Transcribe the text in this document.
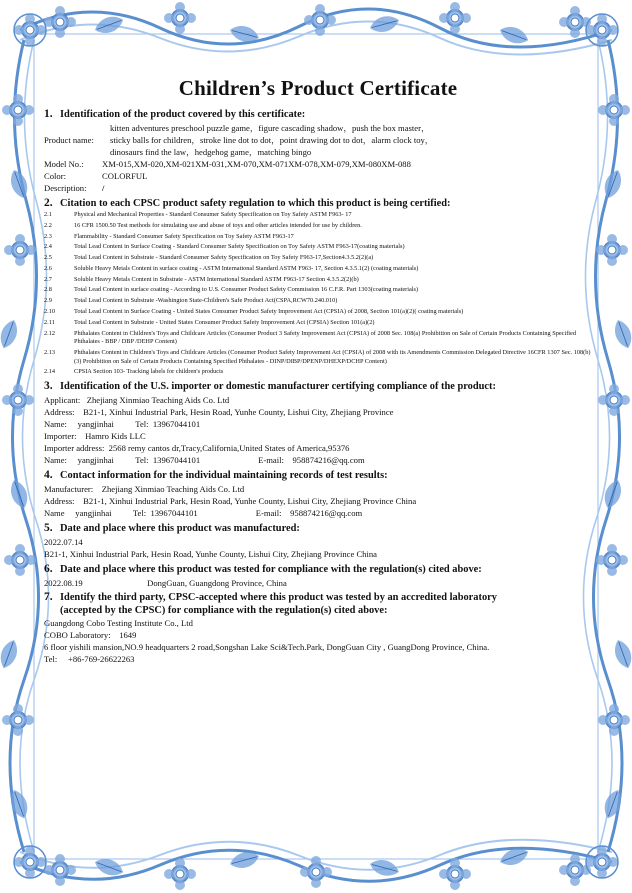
Children’s Product Certificate
1. Identification of the product covered by this certificate:
Product name:
kitten adventures preschool puzzle game，figure cascading shadow，push the box master，
sticky balls for children，stroke line dot to dot，point drawing dot to dot，alarm clock toy，
dinosaurs find the law，hedgehog game，matching bingo
Model No.:	XM-015,XM-020,XM-021XM-031,XM-070,XM-071XM-078,XM-079,XM-080XM-088
Color:	COLORFUL
Description:	/
2. Citation to each CPSC product safety regulation to which this product is being certified:
2.1	Physical and Mechanical Properties - Standard Consumer Safety Specification on Toy Safety ASTM F963- 17
2.2	16 CFR 1500.50 Test methods for simulating use and abuse of toys and other articles intended for use by children.
2.3	Flammability - Standard Consumer Safety Specification on Toy Safety ASTM F963-17
2.4	Total Lead Content in Surface Coating - Standard Consumer Safety Specification on Toy Safety ASTM F963-17(coating materials)
2.5	Total Lead Content in Substrate - Standard Consumer Safety Specification on Toy Safety F963-17,Section4.3.5.2(2)(a)
2.6	Soluble Heavy Metals Content in surface coating - ASTM International Standard ASTM F963- 17, Section 4.3.5.1(2) (coating materials)
2.7	Soluble Heavy Metals Content in Substrate - ASTM International Standard ASTM F963-17 Section 4.3.5.2(2)(b)
2.8	Total Lead Content in surface coating - According to U.S. Consumer Product Safety Commission 16 C.F.R. Part 1303(coating materials)
2.9	Total Lead Content in Substrate -Washington State-Children's Safe Product Act(CSPA,RCW70.240.010)
2.10	Total Lead Content in Surface Coating - United States Consumer Product Safety Improvement Act (CPSIA) of 2008, Section 101(a)(2)( coating materials)
2.11	Total Lead Content in Substrate - United States Consumer Product Safety Improvement Act (CPSIA) Section 101(a)(2)
2.12	Phthalates Content in Children's Toys and Childcare Articles (Consumer Product 3 Safety Improvement Act (CPSIA) of 2008 Sec. 108(a) Prohibition on Sale of Certain Products Containing Specified Phthalates - BBP / DBP /DEHP Content)
2.13	Phthalates Content in Children's Toys and Childcare Articles (Consumer Product Safety Improvement Act (CPSIA) of 2008 with its Amendments Commission Delegated Directive 16CFR 1307 Sec. 108(b)(3) Prohibition on Sale of Certain Products Containing Specified Phthalates - DINP/DIBP/DPENP/DHEXP/DCHP Content)
2.14	CPSIA Section 103- Tracking labels for children's products
3. Identification of the U.S. importer or domestic manufacturer certifying compliance of the product:
Applicant: Zhejiang Xinmiao Teaching Aids Co. Ltd
Address: B21-1, Xinhui Industrial Park, Hesin Road, Yunhe County, Lishui City, Zhejiang Province
Name: yangjinhai Tel: 13967044101
Importer: Hamro Kids LLC
Importer address: 2568 remy cantos dr,Tracy,California,United States of America,95376
Name: yangjinhai Tel: 13967044101	E-mail: 958874216@qq.com
4. Contact information for the individual maintaining records of test results:
Manufacturer: Zhejiang Xinmiao Teaching Aids Co. Ltd
Address: B21-1, Xinhui Industrial Park, Hesin Road, Yunhe County, Lishui City, Zhejiang Province China
Name yangjinhai Tel: 13967044101	E-mail: 958874216@qq.com
5. Date and place where this product was manufactured:
2022.07.14
B21-1, Xinhui Industrial Park, Hesin Road, Yunhe County, Lishui City, Zhejiang Province China
6. Date and place where this product was tested for compliance with the regulation(s) cited above:
2022.08.19	DongGuan, Guangdong Province, China
7. Identify the third party, CPSC-accepted where this product was tested by an accredited laboratory
(accepted by the CPSC) for compliance with the regulation(s) cited above:
Guangdong Cobo Testing Institute Co., Ltd
COBO Laboratory: 1649
6 floor yishili mansion,NO.9 headquarters 2 road,Songshan Lake Sci&Tech.Park, DongGuan City , GuangDong Province, China.
Tel: +86-769-26622263
